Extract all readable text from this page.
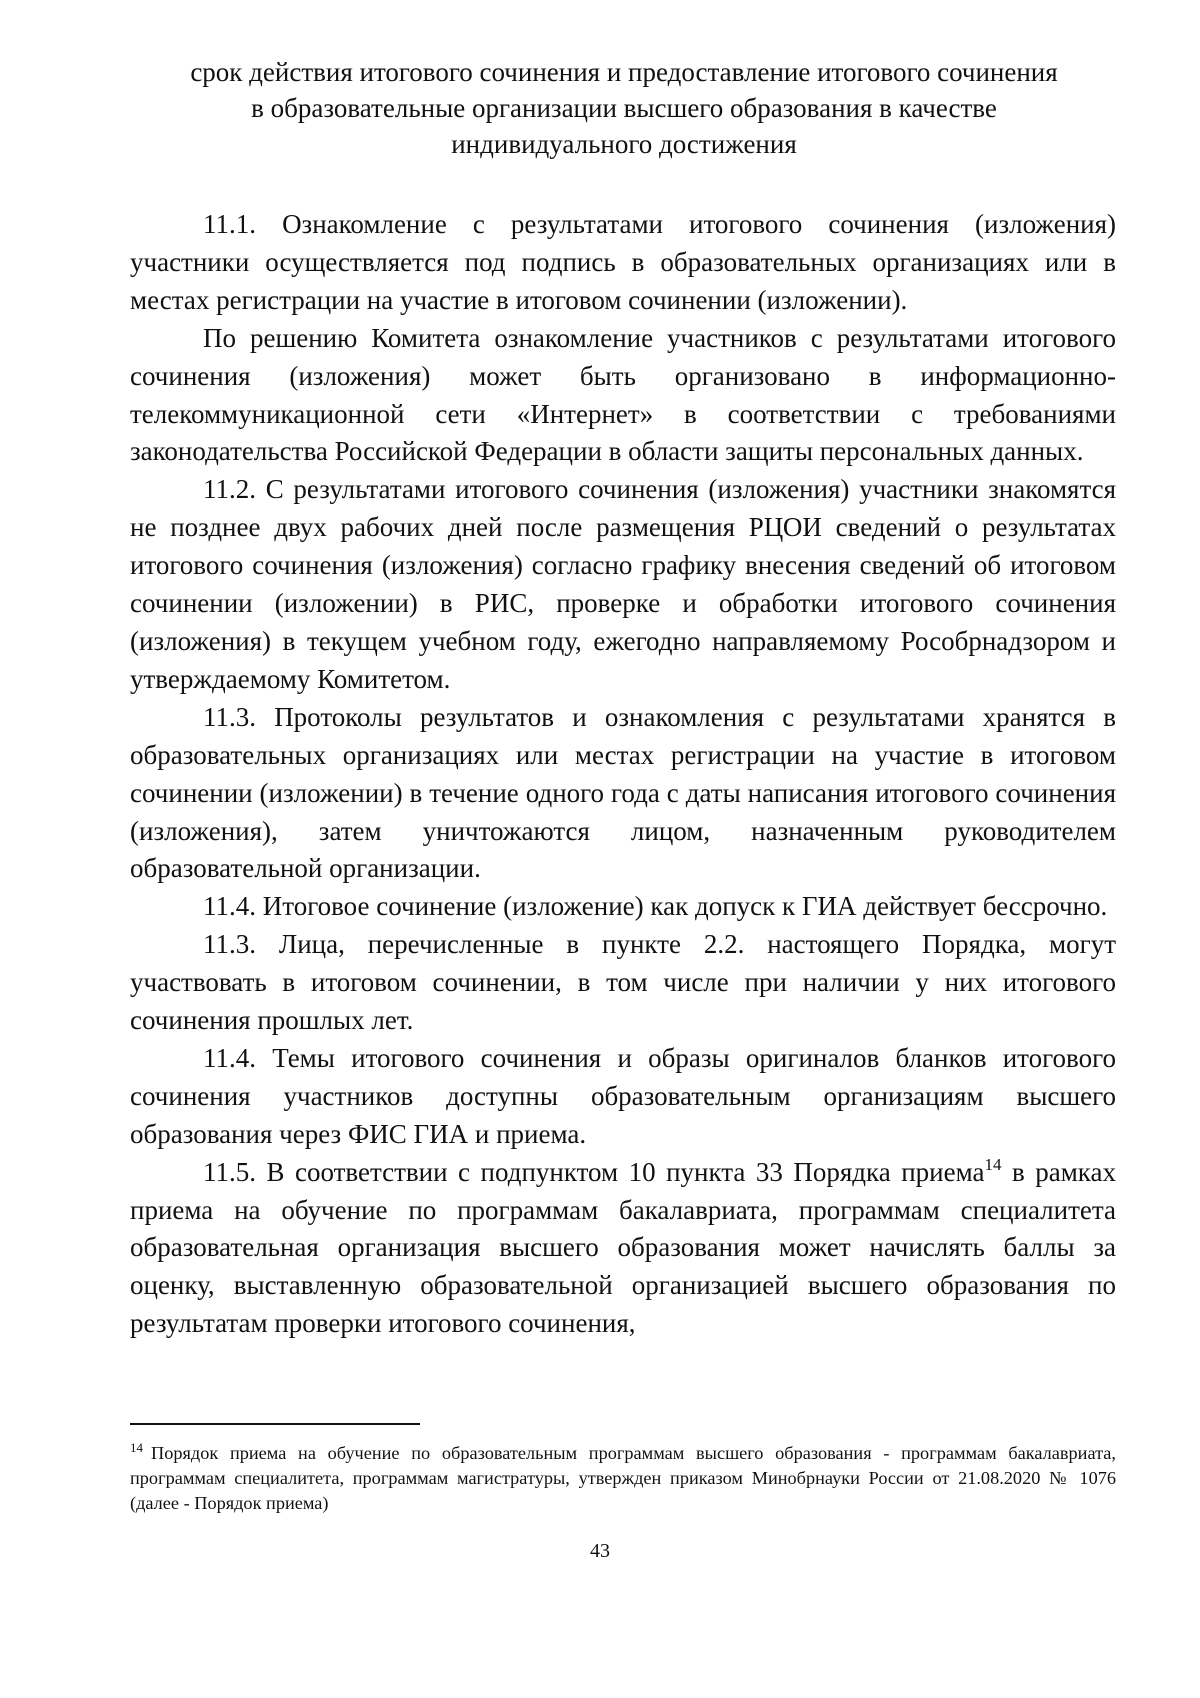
срок действия итогового сочинения и предоставление итогового сочинения
в образовательные организации высшего образования в качестве
индивидуального достижения

11.1. Ознакомление с результатами итогового сочинения (изложения) участники осуществляется под подпись в образовательных организациях или в местах регистрации на участие в итоговом сочинении (изложении).

По решению Комитета ознакомление участников с результатами итогового сочинения (изложения) может быть организовано в информационно-телекоммуникационной сети «Интернет» в соответствии с требованиями законодательства Российской Федерации в области защиты персональных данных.

11.2. С результатами итогового сочинения (изложения) участники знакомятся не позднее двух рабочих дней после размещения РЦОИ сведений о результатах итогового сочинения (изложения) согласно графику внесения сведений об итоговом сочинении (изложении) в РИС, проверке и обработки итогового сочинения (изложения) в текущем учебном году, ежегодно направляемому Рособрнадзором и утверждаемому Комитетом.

11.3. Протоколы результатов и ознакомления с результатами хранятся в образовательных организациях или местах регистрации на участие в итоговом сочинении (изложении) в течение одного года с даты написания итогового сочинения (изложения), затем уничтожаются лицом, назначенным руководителем образовательной организации.

11.4. Итоговое сочинение (изложение) как допуск к ГИА действует бессрочно.

11.3. Лица, перечисленные в пункте 2.2. настоящего Порядка, могут участвовать в итоговом сочинении, в том числе при наличии у них итогового сочинения прошлых лет.

11.4. Темы итогового сочинения и образы оригиналов бланков итогового сочинения участников доступны образовательным организациям высшего образования через ФИС ГИА и приема.

11.5. В соответствии с подпунктом 10 пункта 33 Порядка приема$^{14}$ в рамках приема на обучение по программам бакалавриата, программам специалитета образовательная организация высшего образования может начислять баллы за оценку, выставленную образовательной организацией высшего образования по результатам проверки итогового сочинения,

$^{14}$ Порядок приема на обучение по образовательным программам высшего образования - программам бакалавриата, программам специалитета, программам магистратуры, утвержден приказом Минобрнауки России от 21.08.2020 № 1076 (далее - Порядок приема)
43
